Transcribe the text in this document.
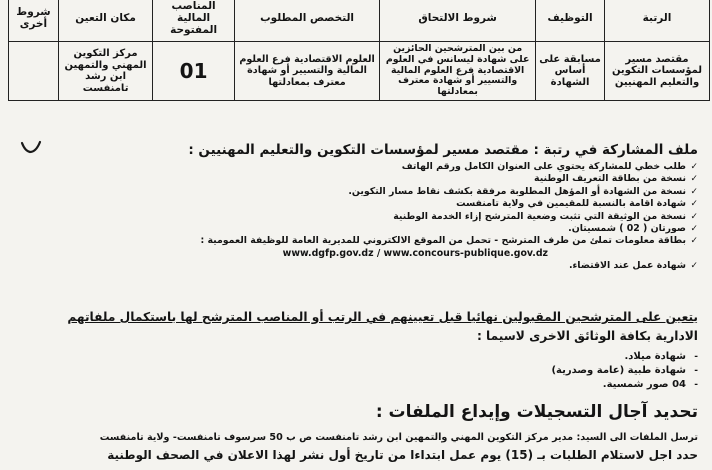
الرتبة	التوظيف	شروط الالتحاق	التخصص المطلوب	المناصب المالية المفتوحة	مكان التعين	شروط أخرى
مقتصد مسير لمؤسسات التكوين والتعليم المهنيين	مسابقة على أساس الشهادة	من بين المترشحين الحائزين على شهادة ليسانس في العلوم الاقتصادية فرع العلوم المالية والتسيير أو شهادة معترف بمعادلتها	العلوم الاقتصادية فرع العلوم المالية والتسيير أو شهادة معترف بمعادلتها	01	مركز التكوين المهني والتمهين ابن رشد تامنفست	
ملف المشاركة في رتبة : مقتصد مسير لمؤسسات التكوين والتعليم المهنيين :
✓طلب خطي للمشاركة يحتوي على العنوان الكامل ورقم الهاتف
✓نسخة من بطاقة التعريف الوطنية
✓نسخة من الشهادة أو المؤهل المطلوبة مرفقة بكشف نقاط مسار التكوين.
✓شهادة اقامة بالنسبة للمقيمين في ولاية تامنفست
✓نسخة من الوثيقة التي تثبت وضعية المترشح إزاء الخدمة الوطنية
✓صورتان ( 02 ) شمسيتان.
✓بطاقة معلومات تملئ من طرف المترشح - تحمل من الموقع الالكتروني للمديرية العامة للوظيفة العمومية :
www.dgfp.gov.dz / www.concours-publique.gov.dz
✓شهادة عمل عند الاقتضاء.
يتعين على المترشحين المقبولين نهائيا قبل تعيينهم في الرتب أو المناصب المترشح لها باستكمال ملفاتهم
الادارية بكافة الوثائق الاخرى لاسيما :
-شهادة ميلاد.
-شهادة طبية (عامة وصدرية)
-04 صور شمسية.
تحديد آجال التسجيلات وإيداع الملفات :
ترسل الملفات الى السيد: مدير مركز التكوين المهني والتمهين ابن رشد تامنفست ص ب 50 سرسوف تامنفست- ولاية تامنفست
حدد اجل لاستلام الطلبات بـ (15) يوم عمل ابتداءا من تاريخ أول نشر لهذا الاعلان في الصحف الوطنية
